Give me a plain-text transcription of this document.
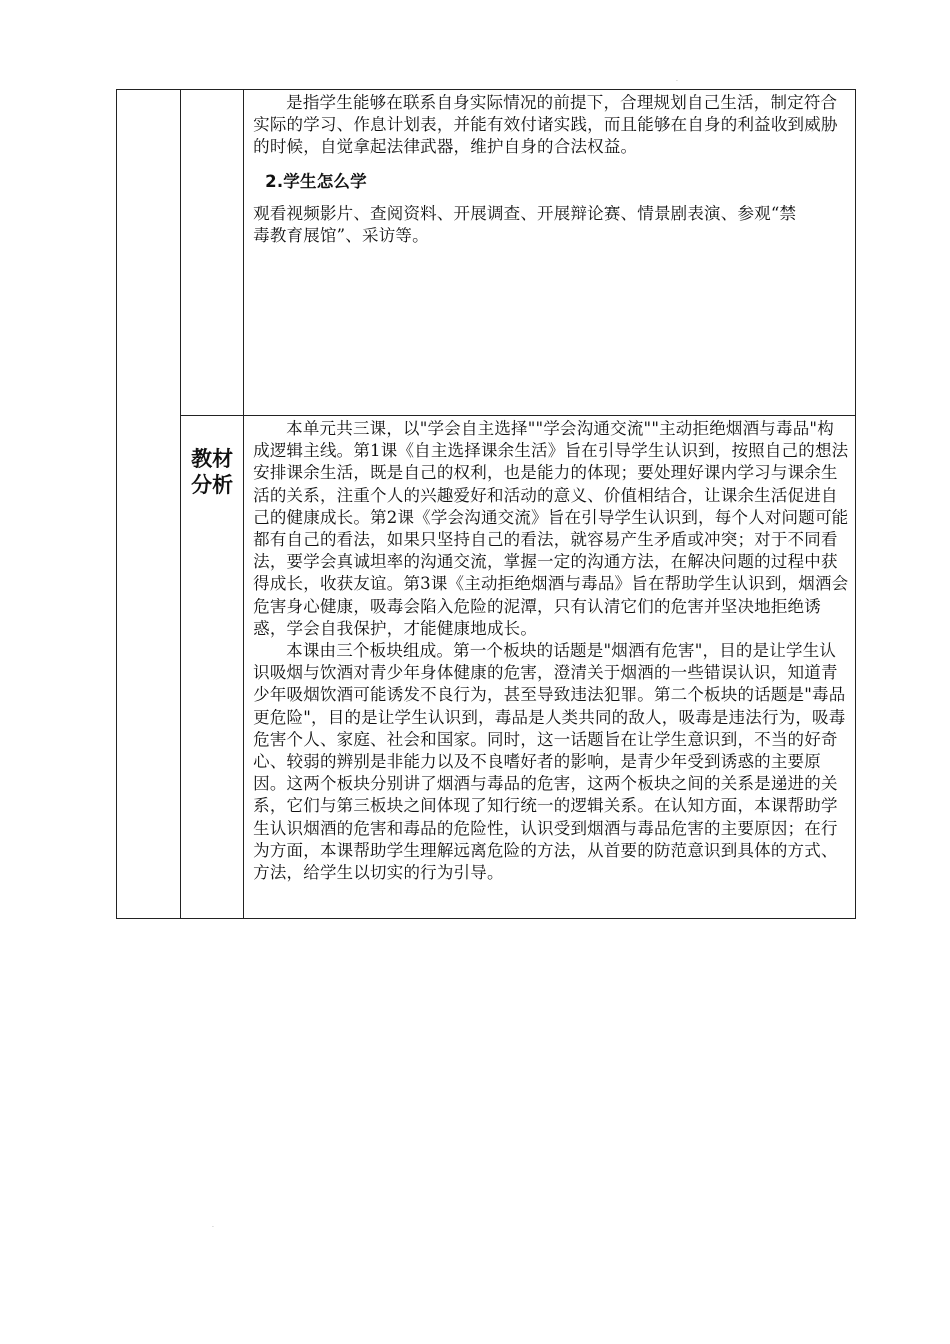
.

		是指学生能够在联系自身实际情况的前提下，合理规划自己生活，制定符合实际的学习、作息计划表，并能有效付诸实践，而且能够在自身的利益收到威胁的时候，自觉拿起法律武器，维护自身的合法权益。

2.学生怎么学

观看视频影片、查阅资料、开展调查、开展辩论赛、情景剧表演、参观“禁

毒教育展馆”、采访等。

	教材分析	本单元共三课，以"学会自主选择""学会沟通交流""主动拒绝烟酒与毒品"构成逻辑主线。第1课《自主选择课余生活》旨在引导学生认识到，按照自己的想法安排课余生活，既是自己的权利，也是能力的体现；要处理好课内学习与课余生活的关系，注重个人的兴趣爱好和活动的意义、价值相结合，让课余生活促进自己的健康成长。第2课《学会沟通交流》旨在引导学生认识到，每个人对问题可能都有自己的看法，如果只坚持自己的看法，就容易产生矛盾或冲突；对于不同看法，要学会真诚坦率的沟通交流，掌握一定的沟通方法，在解决问题的过程中获得成长，收获友谊。第3课《主动拒绝烟酒与毒品》旨在帮助学生认识到，烟酒会危害身心健康，吸毒会陷入危险的泥潭，只有认清它们的危害并坚决地拒绝诱惑，学会自我保护，才能健康地成长。

本课由三个板块组成。第一个板块的话题是"烟酒有危害"，目的是让学生认识吸烟与饮酒对青少年身体健康的危害，澄清关于烟酒的一些错误认识，知道青少年吸烟饮酒可能诱发不良行为，甚至导致违法犯罪。第二个板块的话题是"毒品更危险"，目的是让学生认识到，毒品是人类共同的敌人，吸毒是违法行为，吸毒危害个人、家庭、社会和国家。同时，这一话题旨在让学生意识到，不当的好奇心、较弱的辨别是非能力以及不良嗜好者的影响，是青少年受到诱惑的主要原因。这两个板块分别讲了烟酒与毒品的危害，这两个板块之间的关系是递进的关系，它们与第三板块之间体现了知行统一的逻辑关系。在认知方面，本课帮助学生认识烟酒的危害和毒品的危险性，认识受到烟酒与毒品危害的主要原因；在行为方面，本课帮助学生理解远离危险的方法，从首要的防范意识到具体的方式、方法，给学生以切实的行为引导。

.
